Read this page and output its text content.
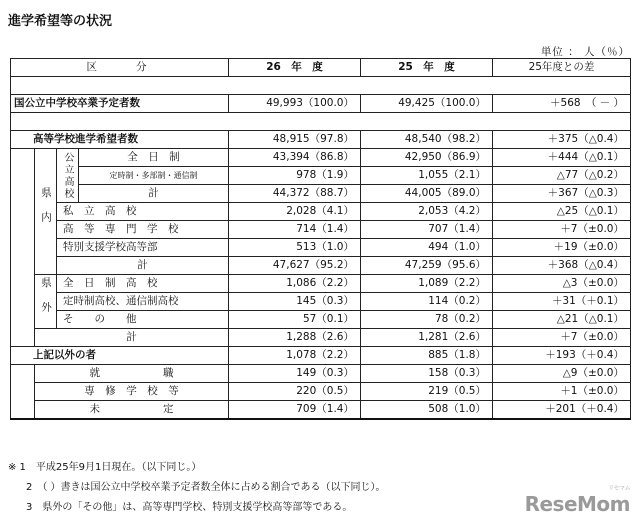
進学希望等の状況
単位 ： 人（％）
区　　分				26　年　度	25　年　度	25年度との差

国公立中学校卒業予定者数				49,993（100.0）	49,425（100.0）	＋568　（ － ）

高等学校進学希望者数				48,915（97.8）	48,540（98.2）	＋375（△0.4）
	県内	公立高校	全　日　制	43,394（86.8）	42,950（86.9）	＋444（△0.1）
			定時制・多部制・通信制	978（1.9）	1,055（2.1）	△77（△0.2）
			計	44,372（88.7）	44,005（89.0）	＋367（△0.3）
		私　立　高　校		2,028（4.1）	2,053（4.2）	△25（△0.1）
		高　等　専　門　学　校		714（1.4）	707（1.4）	＋7（±0.0）
		特別支援学校高等部		513（1.0）	494（1.0）	＋19（±0.0）
		計		47,627（95.2）	47,259（95.6）	＋368（△0.4）
	県外	全　日　制　高　校		1,086（2.2）	1,089（2.2）	△3（±0.0）
		定時制高校、通信制高校		145（0.3）	114（0.2）	＋31（＋0.1）
		そ　　の　　他		57（0.1）	78（0.2）	△21（△0.1）
	計			1,288（2.6）	1,281（2.6）	＋7（±0.0）
上記以外の者				1,078（2.2）	885（1.8）	＋193（＋0.4）
	就　　　　　　職			149（0.3）	158（0.3）	△9（±0.0）
	専　修　学　校　等			220（0.5）	219（0.5）	＋1（±0.0）
	未　　　　　　定			709（1.4）	508（1.0）	＋201（＋0.4）
※ 1　平成25年9月1日現在。（以下同じ。）
2　（ ）書きは国公立中学校卒業予定者数全体に占める割合である（以下同じ）。
3　県外の「その他」は、高等専門学校、特別支援学校高等部等である。
リセマム
ReseMom
